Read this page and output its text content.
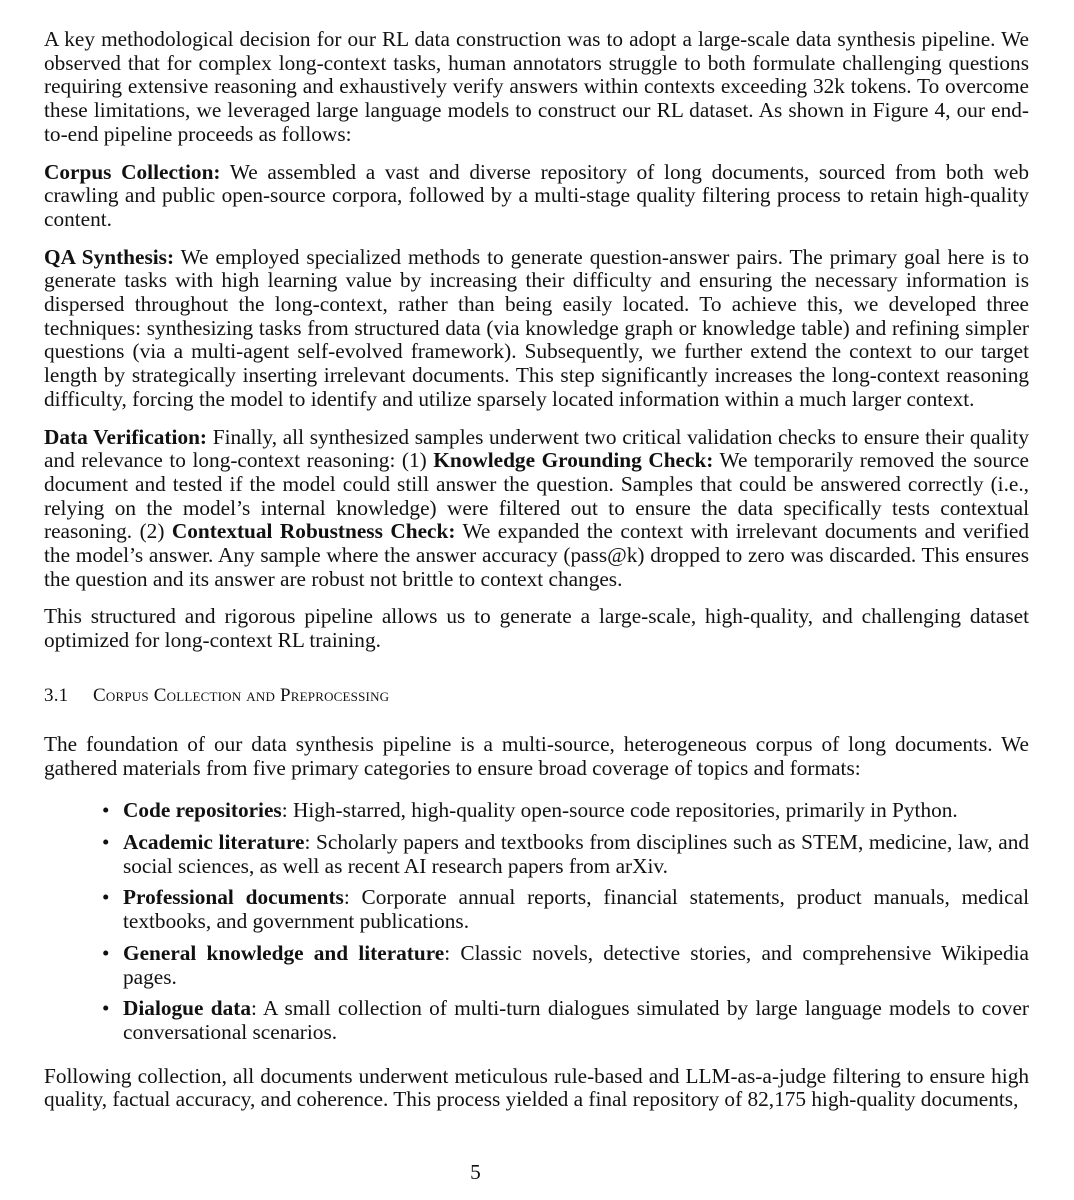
A key methodological decision for our RL data construction was to adopt a large-scale data synthesis pipeline. We observed that for complex long-context tasks, human annotators struggle to both formulate challenging questions requiring extensive reasoning and exhaustively verify answers within contexts exceeding 32k tokens. To overcome these limitations, we leveraged large language models to construct our RL dataset. As shown in Figure 4, our end-to-end pipeline proceeds as follows:

Corpus Collection: We assembled a vast and diverse repository of long documents, sourced from both web crawling and public open-source corpora, followed by a multi-stage quality filtering process to retain high-quality content.

QA Synthesis: We employed specialized methods to generate question-answer pairs. The primary goal here is to generate tasks with high learning value by increasing their difficulty and ensuring the necessary information is dispersed throughout the long-context, rather than being easily located. To achieve this, we developed three techniques: synthesizing tasks from structured data (via knowledge graph or knowledge table) and refining simpler questions (via a multi-agent self-evolved framework). Subsequently, we further extend the context to our target length by strategically inserting irrelevant documents. This step significantly increases the long-context reasoning difficulty, forcing the model to identify and utilize sparsely located information within a much larger context.

Data Verification: Finally, all synthesized samples underwent two critical validation checks to ensure their quality and relevance to long-context reasoning: (1) Knowledge Grounding Check: We temporarily removed the source document and tested if the model could still answer the question. Samples that could be answered correctly (i.e., relying on the model’s internal knowledge) were filtered out to ensure the data specifically tests contextual reasoning. (2) Contextual Robustness Check: We expanded the context with irrelevant documents and verified the model’s answer. Any sample where the answer accuracy (pass@k) dropped to zero was discarded. This ensures the question and its answer are robust not brittle to context changes.

This structured and rigorous pipeline allows us to generate a large-scale, high-quality, and challenging dataset optimized for long-context RL training.

3.1 Corpus Collection and Preprocessing

The foundation of our data synthesis pipeline is a multi-source, heterogeneous corpus of long documents. We gathered materials from five primary categories to ensure broad coverage of topics and formats:

• Code repositories: High-starred, high-quality open-source code repositories, primarily in Python.
• Academic literature: Scholarly papers and textbooks from disciplines such as STEM, medicine, law, and social sciences, as well as recent AI research papers from arXiv.
• Professional documents: Corporate annual reports, financial statements, product manuals, medical textbooks, and government publications.
• General knowledge and literature: Classic novels, detective stories, and comprehensive Wikipedia pages.
• Dialogue data: A small collection of multi-turn dialogues simulated by large language models to cover conversational scenarios.

Following collection, all documents underwent meticulous rule-based and LLM-as-a-judge filtering to ensure high quality, factual accuracy, and coherence. This process yielded a final repository of 82,175 high-quality documents,

5
